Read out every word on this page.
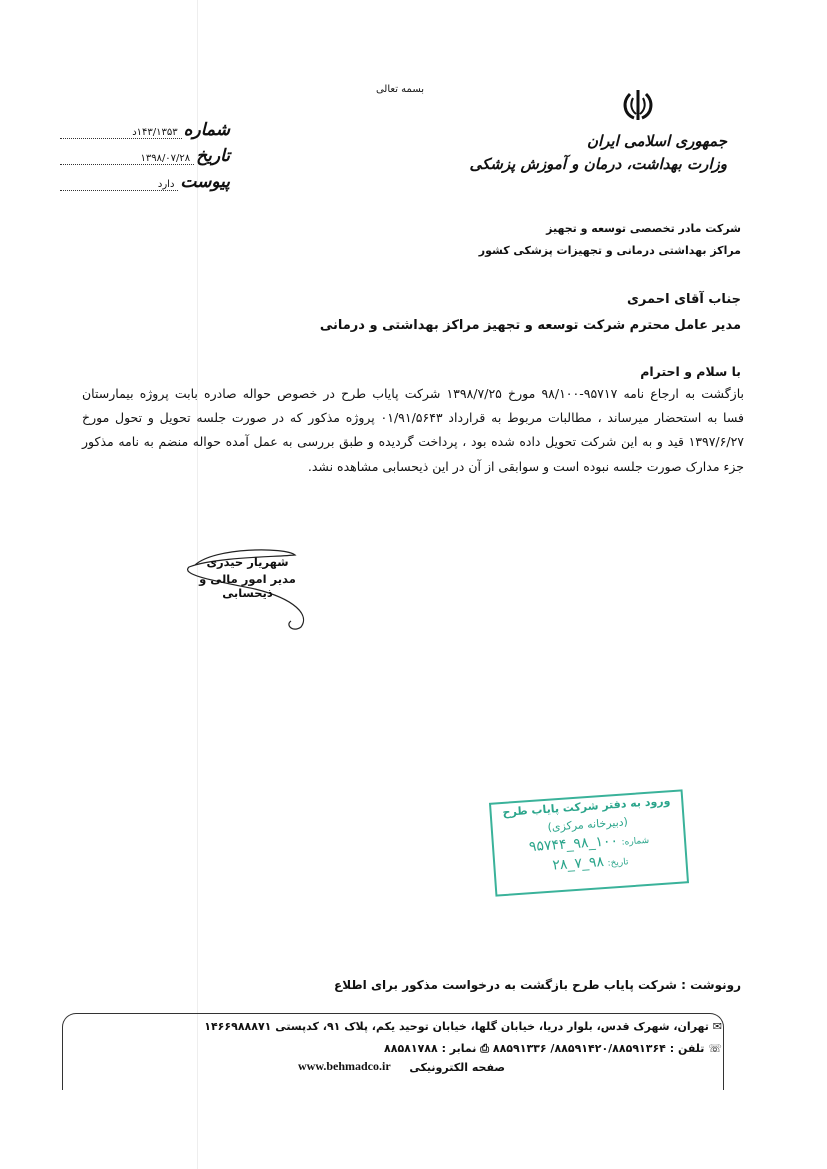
بسمه تعالی
شماره
۱۴۳/۱۳۵۳د
تاریخ
۱۳۹۸/۰۷/۲۸
پیوست
دارد
جمهوری اسلامی ایران
وزارت بهداشت، درمان و آموزش پزشکی
شرکت مادر تخصصی توسعه و تجهیز
مراکز بهداشتی درمانی و تجهیزات پزشکی کشور
جناب آقای احمری
مدیر عامل محترم شرکت توسعه و تجهیز مراکز بهداشتی و درمانی
با سلام و احترام
بازگشت به ارجاع نامه ۹۵۷۱۷-۹۸/۱۰۰ مورخ ۱۳۹۸/۷/۲۵ شرکت پایاب طرح در خصوص حواله صادره بابت پروژه بیمارستان
فسا به استحضار میرساند ، مطالبات مربوط به قرارداد ۰۱/۹۱/۵۶۴۳ پروژه مذکور که در صورت جلسه تحویل و تحول مورخ
۱۳۹۷/۶/۲۷ قید و به این شرکت تحویل داده شده بود ، پرداخت گردیده و طبق بررسی به عمل آمده حواله منضم به نامه مذکور
جزء مدارک صورت جلسه نبوده است و سوابقی از آن در این ذیحسابی مشاهده نشد.
شهریار حیدری
مدیر امور مالی و ذیحسابی
ورود به دفتر شرکت پایاب طرح
(دبیرخانه مرکزی)
شماره: ۱۰۰_۹۸_۹۵۷۴۴
تاریخ: ۹۸_۷_۲۸
رونوشت : شرکت پایاب طرح بازگشت به درخواست مذکور برای اطلاع
✉ تهران، شهرک قدس، بلوار دریا، خیابان گلها، خیابان توحید یکم، پلاک ۹۱، کدپستی ۱۴۶۶۹۸۸۸۷۱
☏ تلفن : ۸۸۵۹۱۴۲۰/۸۸۵۹۱۳۶۴/ ۸۸۵۹۱۳۳۶ ⎙ نمابر : ۸۸۵۸۱۷۸۸
صفحه الکترونیکی
www.behmadco.ir
